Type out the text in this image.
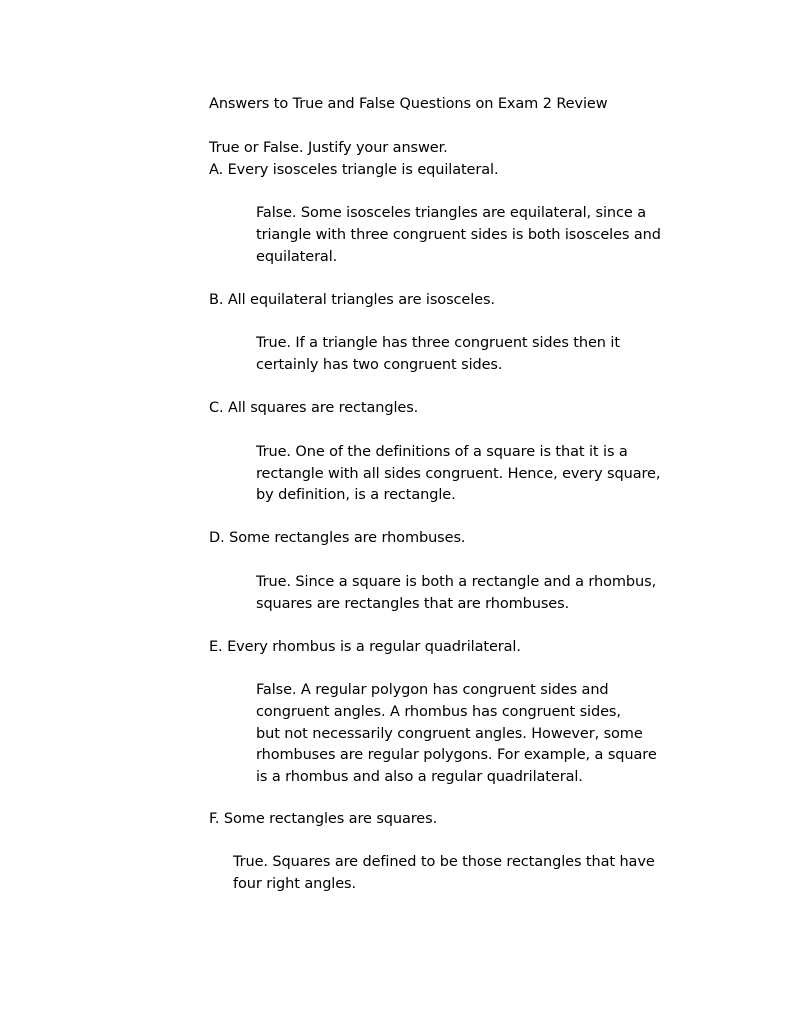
Answers to True and False Questions on Exam 2 Review
True or False. Justify your answer.
A. Every isosceles triangle is equilateral.
False. Some isosceles triangles are equilateral, since a
triangle with three congruent sides is both isosceles and
equilateral.
B. All equilateral triangles are isosceles.
True. If a triangle has three congruent sides then it
certainly has two congruent sides.
C. All squares are rectangles.
True. One of the definitions of a square is that it is a
rectangle with all sides congruent. Hence, every square,
by definition, is a rectangle.
D. Some rectangles are rhombuses.
True. Since a square is both a rectangle and a rhombus,
squares are rectangles that are rhombuses.
E. Every rhombus is a regular quadrilateral.
False. A regular polygon has congruent sides and
congruent angles. A rhombus has congruent sides,
but not necessarily congruent angles. However, some
rhombuses are regular polygons. For example, a square
is a rhombus and also a regular quadrilateral.
F. Some rectangles are squares.
True. Squares are defined to be those rectangles that have
four right angles.
